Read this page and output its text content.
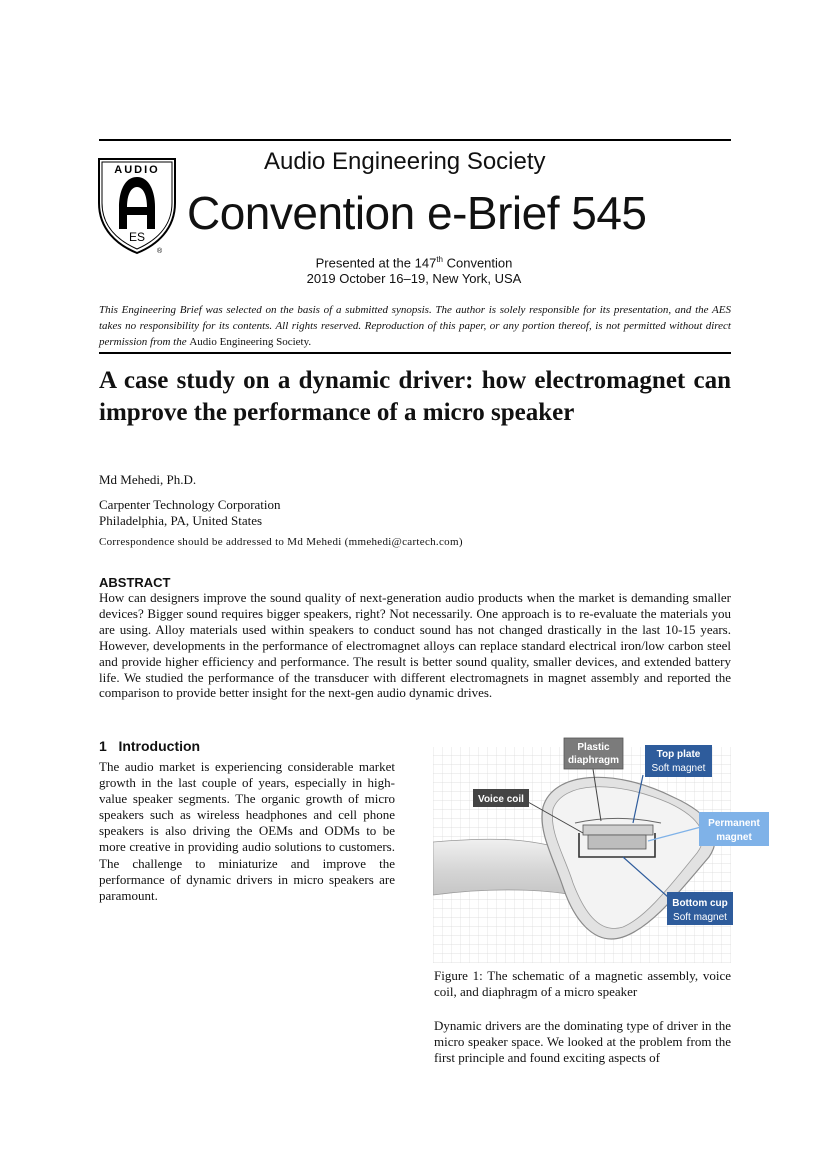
AUDIO
ES
®
Audio Engineering Society
Convention e-Brief 545
Presented at the 147th Convention
2019 October 16–19, New York, USA
This Engineering Brief was selected on the basis of a submitted synopsis. The author is solely responsible for its presentation, and the AES takes no responsibility for its contents. All rights reserved. Reproduction of this paper, or any portion thereof, is not permitted without direct permission from the Audio Engineering Society.
A case study on a dynamic driver: how electromagnet can improve the performance of a micro speaker
Md Mehedi, Ph.D.
Carpenter Technology Corporation
Philadelphia, PA, United States
Correspondence should be addressed to Md Mehedi (mmehedi@cartech.com)
ABSTRACT
How can designers improve the sound quality of next-generation audio products when the market is demanding smaller devices? Bigger sound requires bigger speakers, right? Not necessarily. One approach is to re-evaluate the materials you are using. Alloy materials used within speakers to conduct sound has not changed drastically in the last 10-15 years. However, developments in the performance of electromagnet alloys can replace standard electrical iron/low carbon steel and provide higher efficiency and performance. The result is better sound quality, smaller devices, and extended battery life. We studied the performance of the transducer with different electromagnets in magnet assembly and reported the comparison to provide better insight for the next-gen audio dynamic drives.
1   Introduction
The audio market is experiencing considerable market growth in the last couple of years, especially in high-value speaker segments. The organic growth of micro speakers such as wireless headphones and cell phone speakers is also driving the OEMs and ODMs to be more creative in providing audio solutions to customers. The challenge to miniaturize and improve the performance of dynamic drivers in micro speakers are paramount.
Plastic
diaphragm
Top plate
Soft magnet
Voice coil
Permanent
magnet
Bottom cup
Soft magnet
Figure 1: The schematic of a magnetic assembly, voice coil, and diaphragm of a micro speaker
Dynamic drivers are the dominating type of driver in the micro speaker space. We looked at the problem from the first principle and found exciting aspects of
